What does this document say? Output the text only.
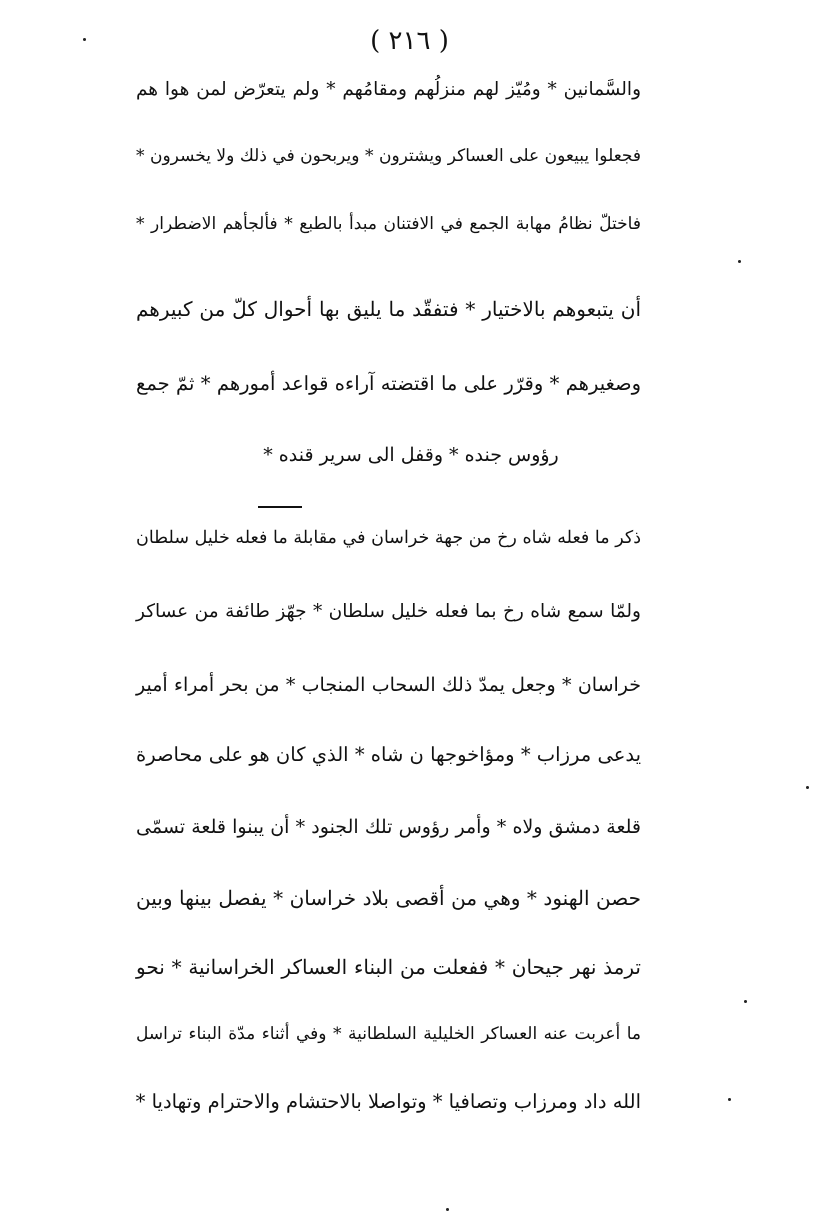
( ٢١٦ )
والسَّمانين * ومُيّز لهم منزلُهم ومقامُهم * ولم يتعرّض لمن هوا هم
فجعلوا يبيعون على العساكر ويشترون * ويربحون في ذلك ولا يخسرون *
فاختلّ نظامُ مهابة الجمع في الافتنان مبدأ بالطبع * فألجأهم الاضطرار *
أن يتبعوهم بالاختيار * فتفقّد ما يليق بها أحوال كلّ من كبيرهم
وصغيرهم * وقرّر على ما اقتضته آراءه قواعد أمورهم * ثمّ جمع
رؤوس جنده * وقفل الى سرير قنده *
ذكر ما فعله شاه رخ من جهة خراسان في مقابلة ما فعله خليل سلطان
ولمّا سمع شاه رخ بما فعله خليل سلطان * جهّز طائفة من عساكر
خراسان * وجعل يمدّ ذلك السحاب المنجاب * من بحر أمراء أمير
يدعى مرزاب * ومؤاخوجها ن شاه * الذي كان هو على محاصرة
قلعة دمشق ولاه * وأمر رؤوس تلك الجنود * أن يبنوا قلعة تسمّى
حصن الهنود * وهي من أقصى بلاد خراسان * يفصل بينها وبين
ترمذ نهر جيحان * ففعلت من البناء العساكر الخراسانية * نحو
ما أعربت عنه العساكر الخليلية السلطانية * وفي أثناء مدّة البناء تراسل
الله داد ومرزاب وتصافيا * وتواصلا بالاحتشام والاحترام وتهاديا *
